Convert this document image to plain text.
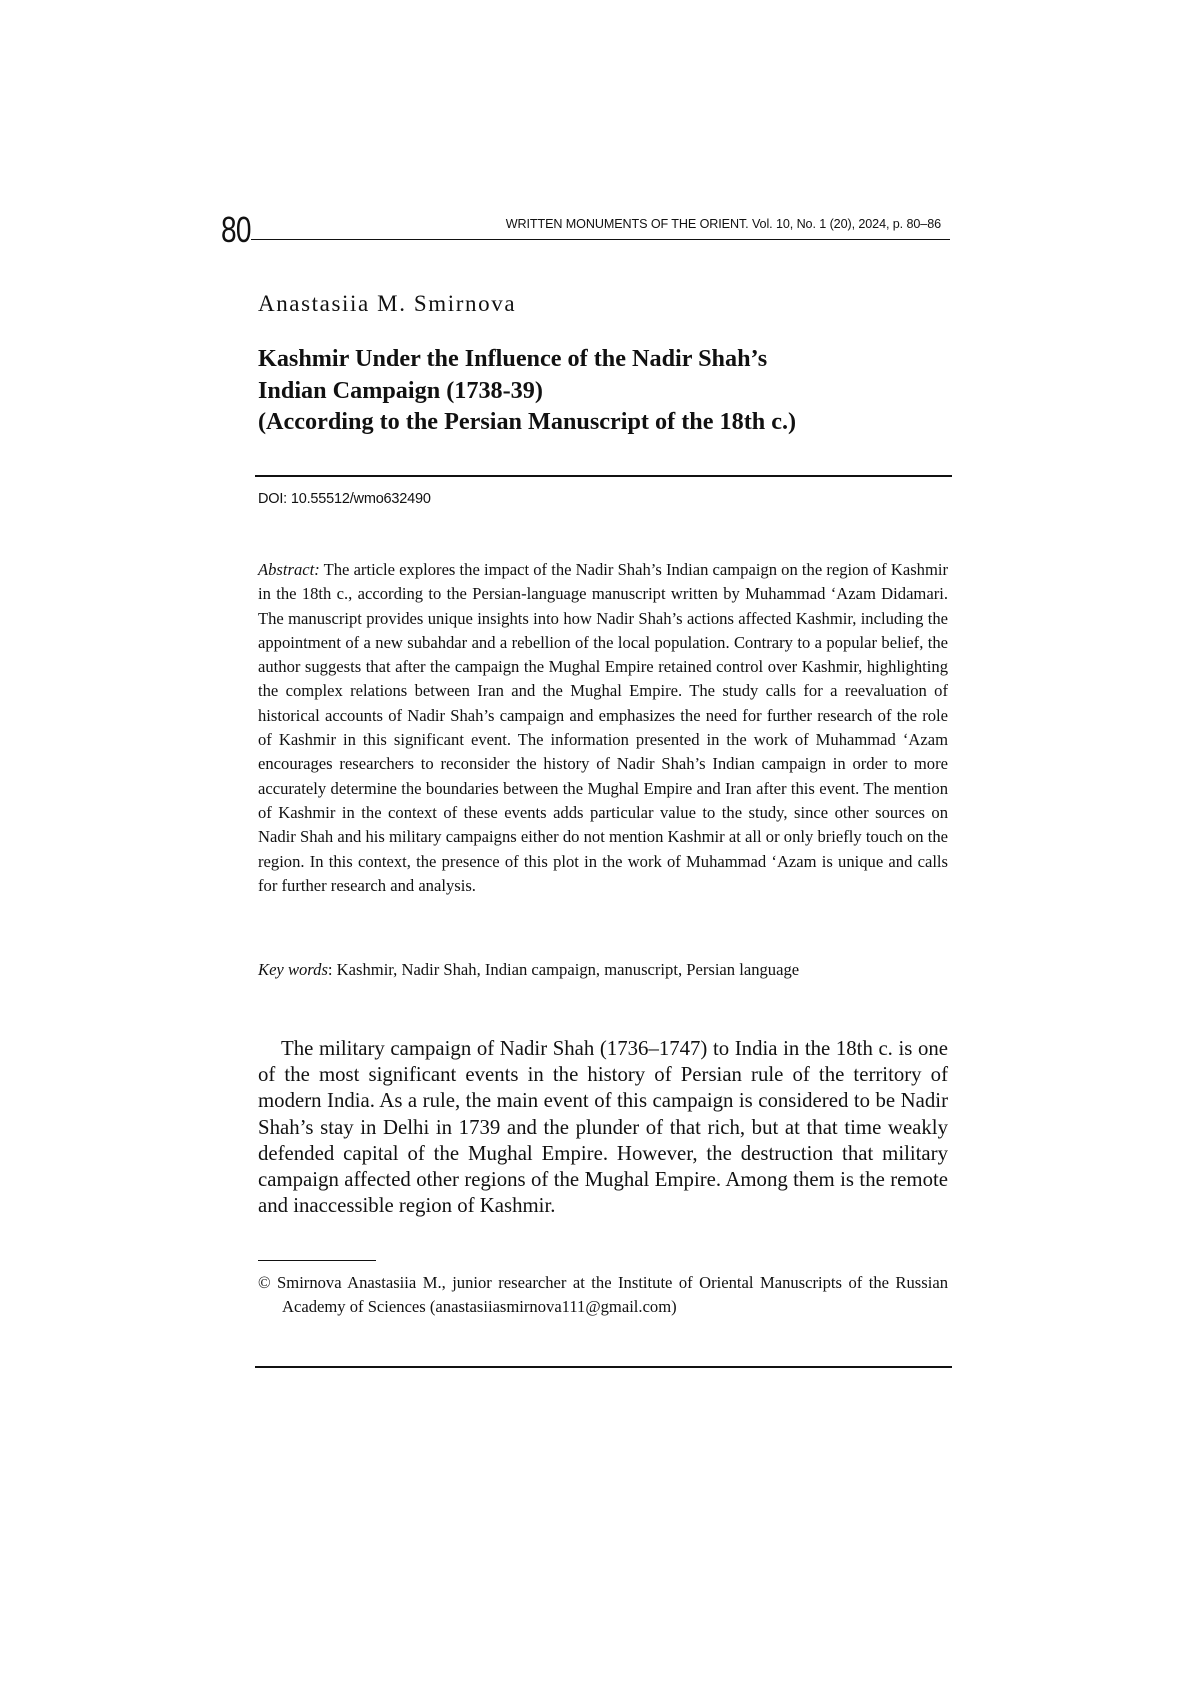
80	WRITTEN MONUMENTS OF THE ORIENT. Vol. 10, No. 1 (20), 2024, p. 80–86
Anastasiia M. Smirnova
Kashmir Under the Influence of the Nadir Shah’s
Indian Campaign (1738-39)
(According to the Persian Manuscript of the 18th c.)
DOI: 10.55512/wmo632490

Abstract: The article explores the impact of the Nadir Shah’s Indian campaign on the region of Kashmir in the 18th c., according to the Persian-language manuscript written by Muhammad ‘Azam Didamari. The manuscript provides unique insights into how Nadir Shah’s actions affected Kashmir, including the appointment of a new subahdar and a rebellion of the local population. Contrary to a popular belief, the author suggests that after the campaign the Mughal Empire retained control over Kashmir, highlighting the complex relations between Iran and the Mughal Empire. The study calls for a reevaluation of historical accounts of Nadir Shah’s campaign and emphasizes the need for further research of the role of Kashmir in this significant event. The information presented in the work of Muhammad ‘Azam encourages researchers to reconsider the history of Nadir Shah’s Indian campaign in order to more accurately determine the boundaries between the Mughal Empire and Iran after this event. The mention of Kashmir in the context of these events adds particular value to the study, since other sources on Nadir Shah and his military campaigns either do not mention Kashmir at all or only briefly touch on the region. In this context, the presence of this plot in the work of Muhammad ‘Azam is unique and calls for further research and analysis.

Key words: Kashmir, Nadir Shah, Indian campaign, manuscript, Persian language

The military campaign of Nadir Shah (1736–1747) to India in the 18th c. is one of the most significant events in the history of Persian rule of the territory of modern India. As a rule, the main event of this campaign is considered to be Nadir Shah’s stay in Delhi in 1739 and the plunder of that rich, but at that time weakly defended capital of the Mughal Empire. However, the destruction that military campaign affected other regions of the Mughal Empire. Among them is the remote and inaccessible region of Kashmir.

© Smirnova Anastasiia M., junior researcher at the Institute of Oriental Manuscripts of the Russian Academy of Sciences (anastasiiasmirnova111@gmail.com)
